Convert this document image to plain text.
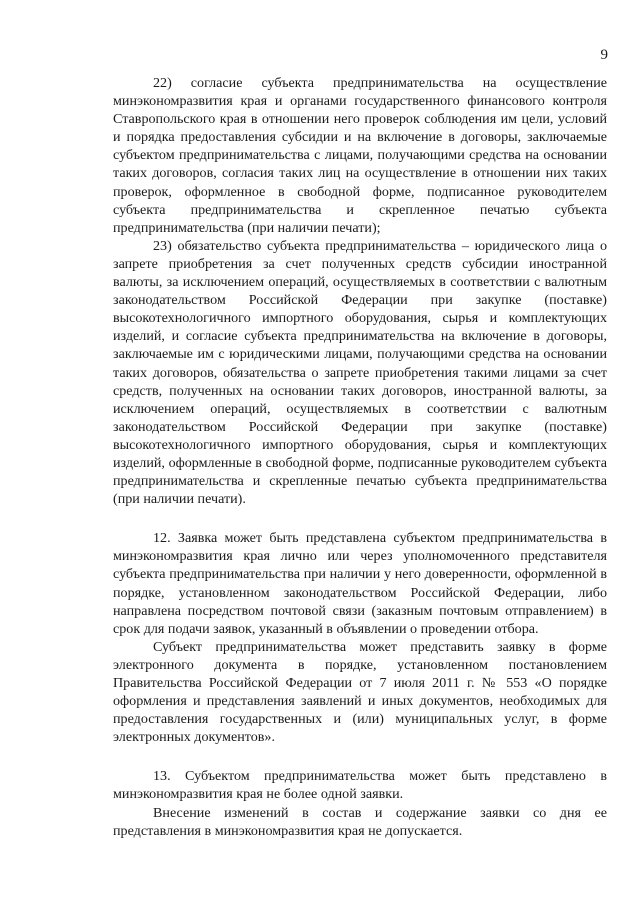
9

22) согласие субъекта предпринимательства на осуществление минэкономразвития края и органами государственного финансового контроля Ставропольского края в отношении него проверок соблюдения им цели, условий и порядка предоставления субсидии и на включение в договоры, заключаемые субъектом предпринимательства с лицами, получающими средства на основании таких договоров, согласия таких лиц на осуществление в отношении них таких проверок, оформленное в свободной форме, подписанное руководителем субъекта предпринимательства и скрепленное печатью субъекта предпринимательства (при наличии печати);

23) обязательство субъекта предпринимательства – юридического лица о запрете приобретения за счет полученных средств субсидии иностранной валюты, за исключением операций, осуществляемых в соответствии с валютным законодательством Российской Федерации при закупке (поставке) высокотехнологичного импортного оборудования, сырья и комплектующих изделий, и согласие субъекта предпринимательства на включение в договоры, заключаемые им с юридическими лицами, получающими средства на основании таких договоров, обязательства о запрете приобретения такими лицами за счет средств, полученных на основании таких договоров, иностранной валюты, за исключением операций, осуществляемых в соответствии с валютным законодательством Российской Федерации при закупке (поставке) высокотехнологичного импортного оборудования, сырья и комплектующих изделий, оформленные в свободной форме, подписанные руководителем субъекта предпринимательства и скрепленные печатью субъекта предпринимательства (при наличии печати).

12. Заявка может быть представлена субъектом предпринимательства в минэкономразвития края лично или через уполномоченного представителя субъекта предпринимательства при наличии у него доверенности, оформленной в порядке, установленном законодательством Российской Федерации, либо направлена посредством почтовой связи (заказным почтовым отправлением) в срок для подачи заявок, указанный в объявлении о проведении отбора.

Субъект предпринимательства может представить заявку в форме электронного документа в порядке, установленном постановлением Правительства Российской Федерации от 7 июля 2011 г. № 553 «О порядке оформления и представления заявлений и иных документов, необходимых для предоставления государственных и (или) муниципальных услуг, в форме электронных документов».

13. Субъектом предпринимательства может быть представлено в минэкономразвития края не более одной заявки.

Внесение изменений в состав и содержание заявки со дня ее представления в минэкономразвития края не допускается.
